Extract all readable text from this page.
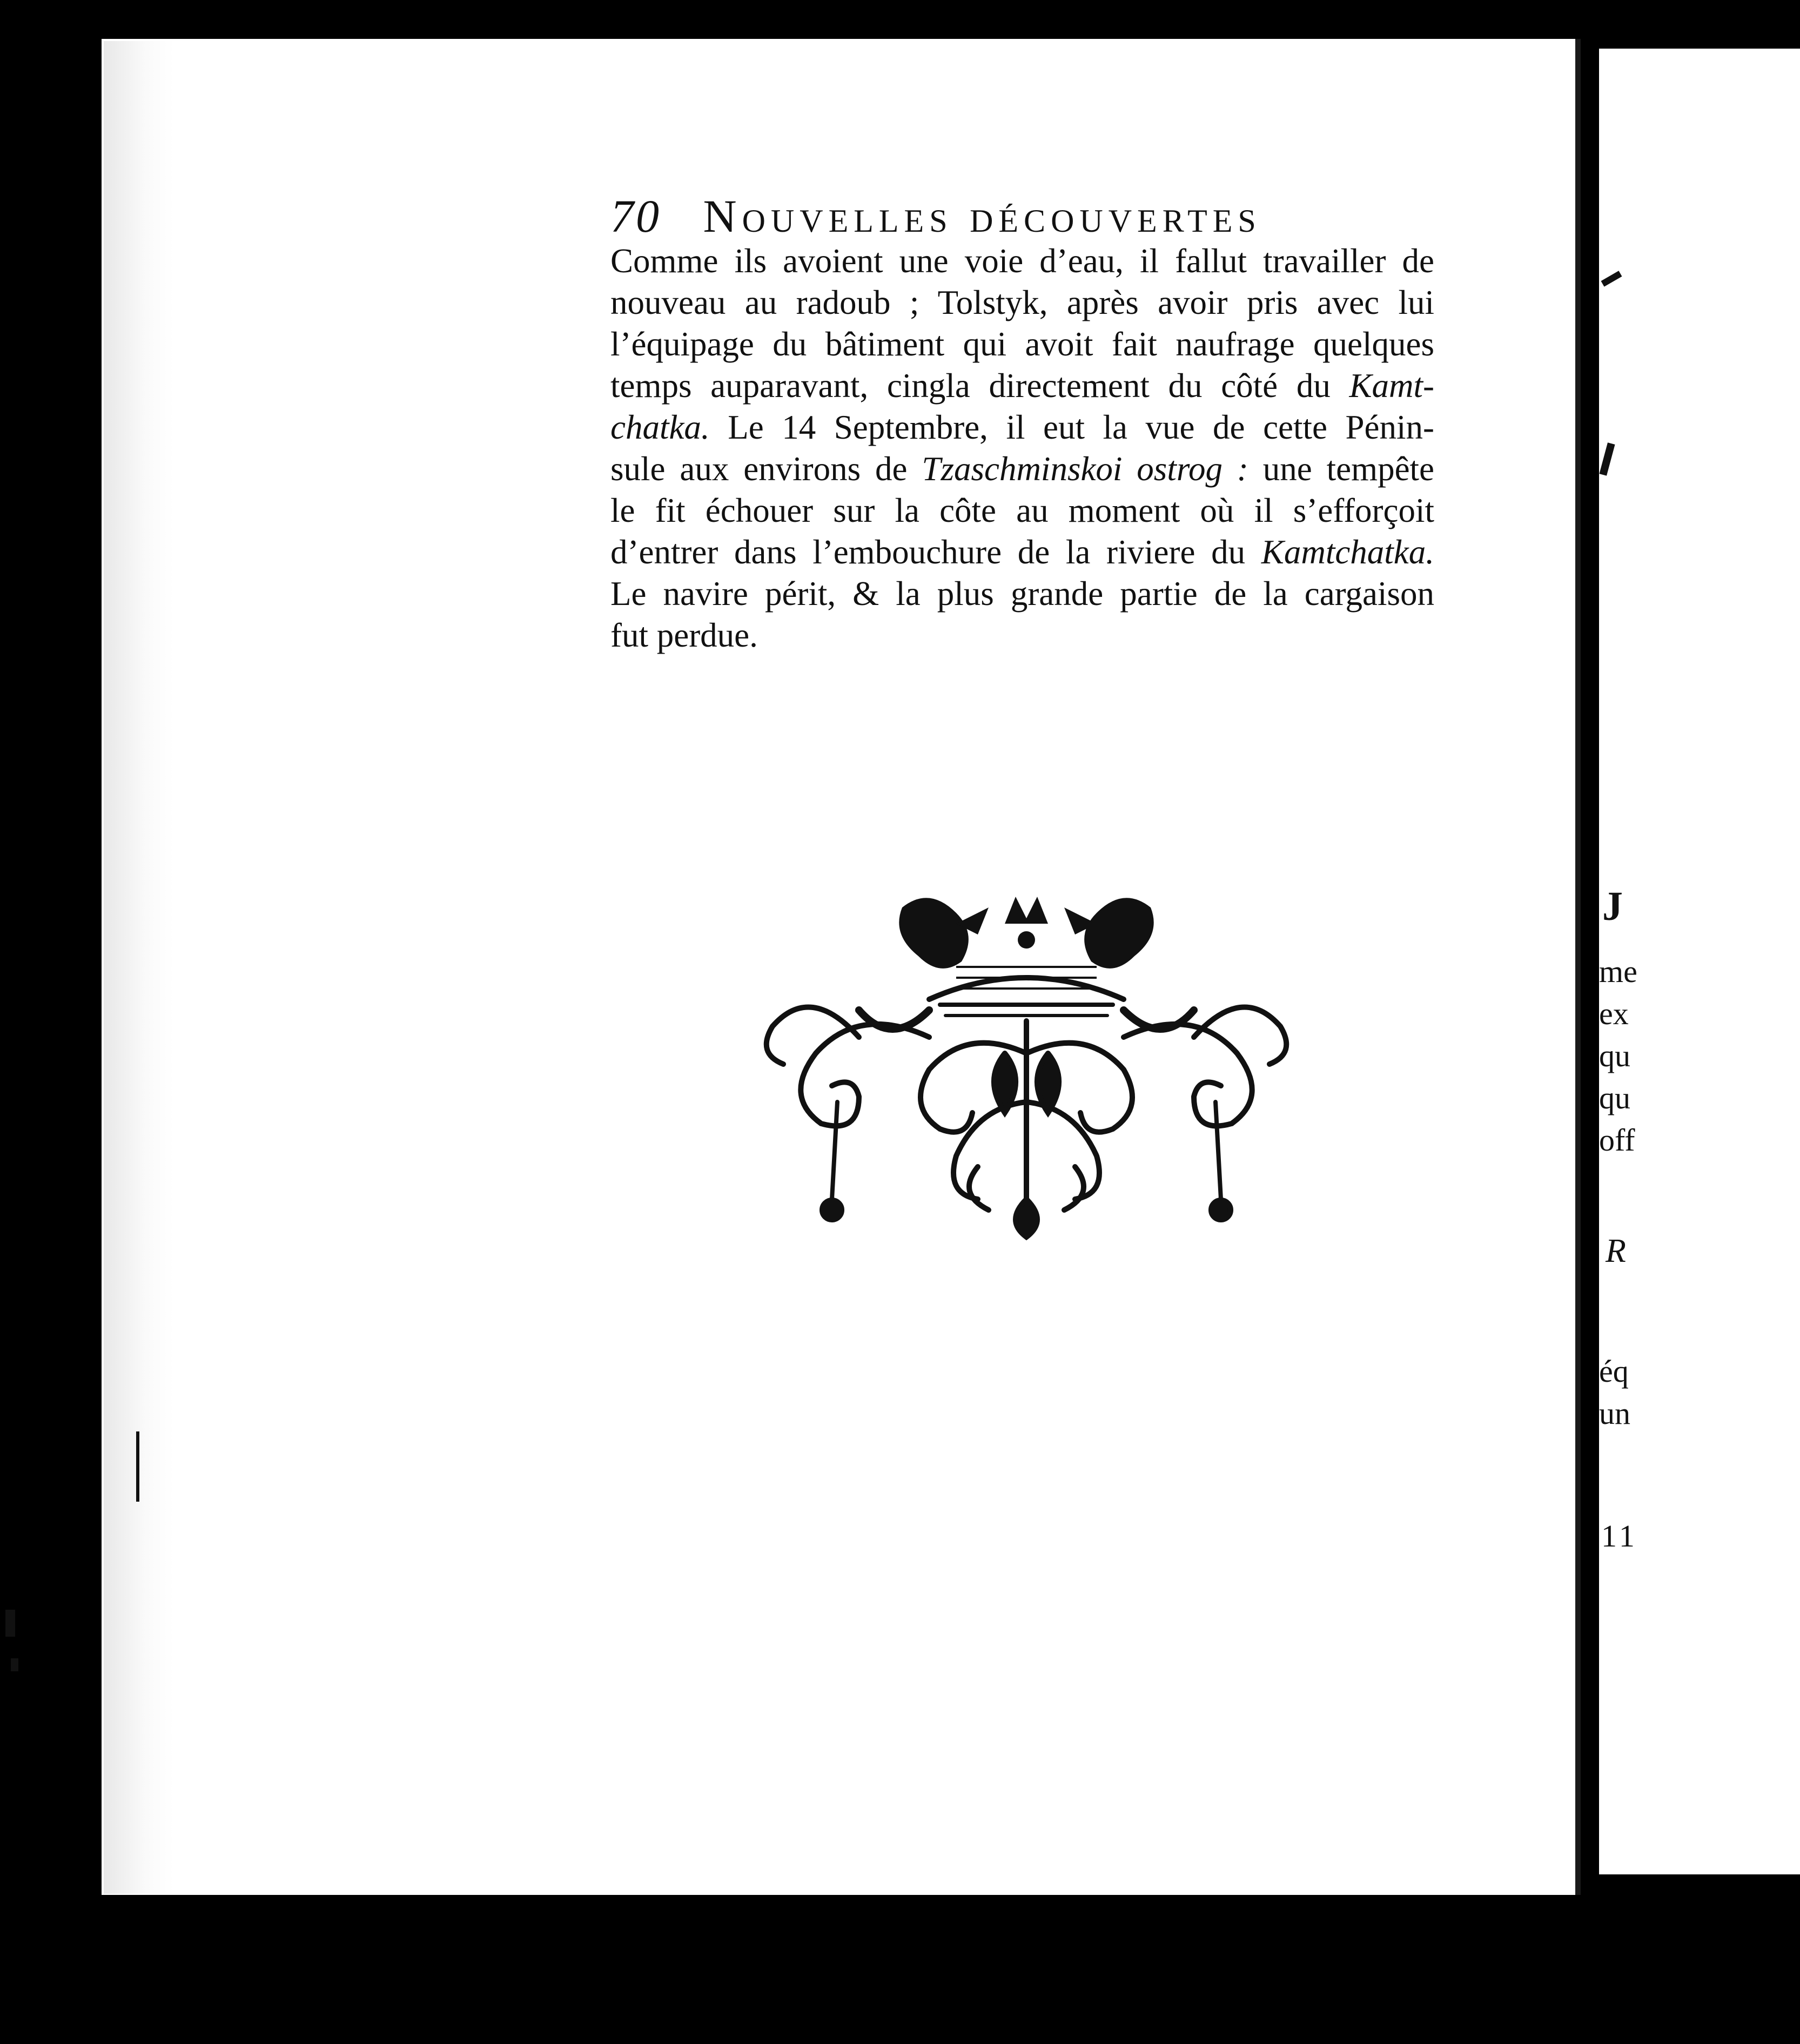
J
me
ex
qu
qu
off
R
éq
un
11
70 Nouvelles découvertes
Comme ils avoient une voie d’eau, il fallut travailler de
nouveau au radoub ; Tolstyk, après avoir pris avec lui
l’équipage du bâtiment qui avoit fait naufrage quelques
temps auparavant, cingla directement du côté du Kamt-
chatka. Le 14 Septembre, il eut la vue de cette Pénin-
sule aux environs de Tzaschminskoi ostrog : une tempête
le fit échouer sur la côte au moment où il s’efforçoit
d’entrer dans l’embouchure de la riviere du Kamtchatka.
Le navire périt, & la plus grande partie de la cargaison
fut perdue.
